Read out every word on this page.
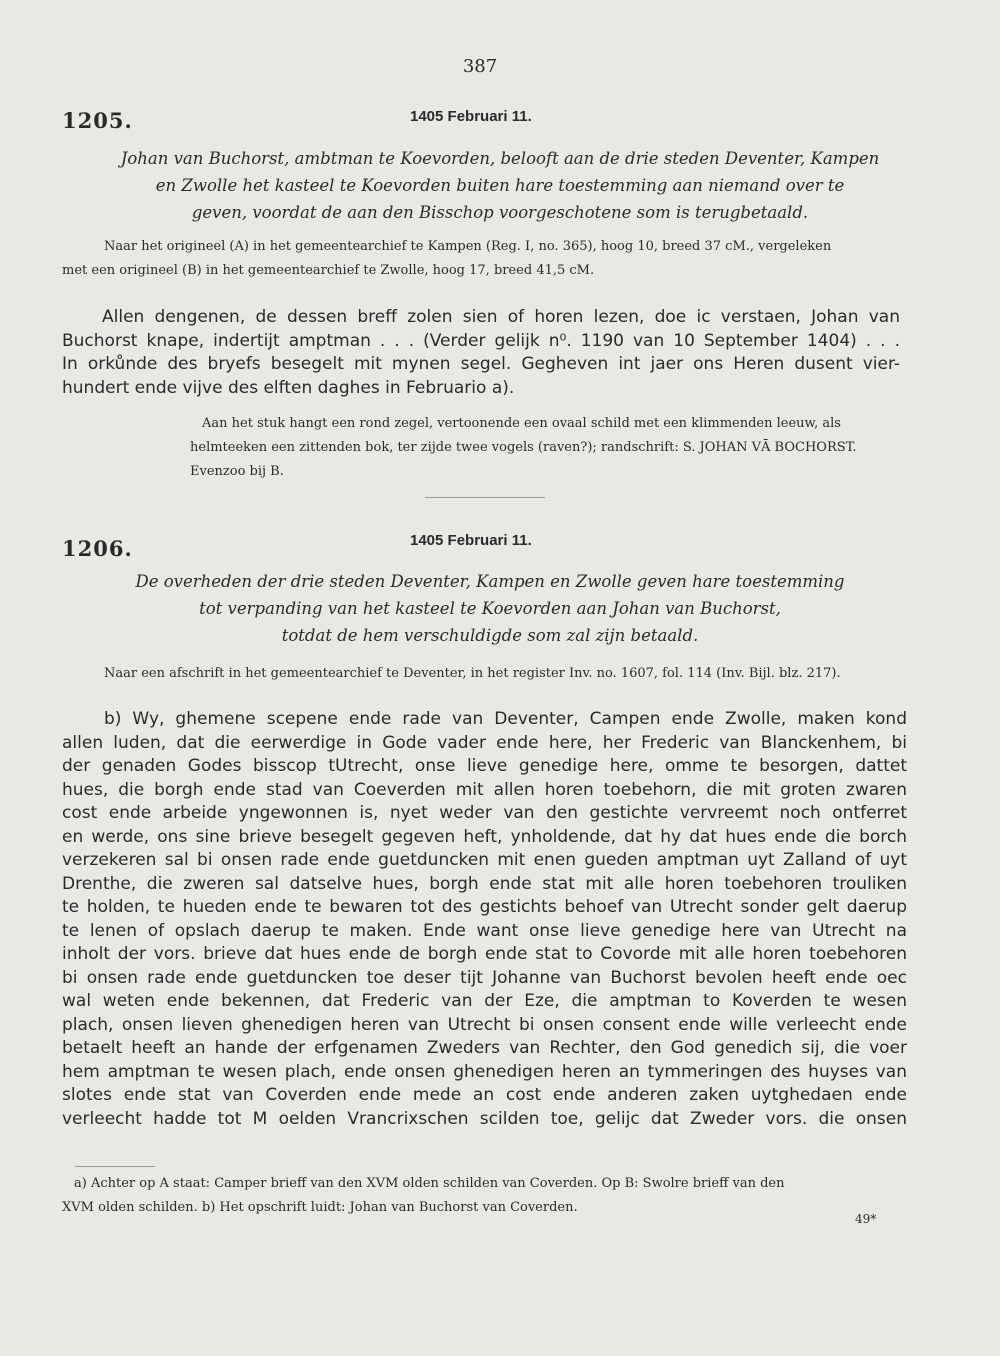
387
1205.	1405 Februari 11.
Johan van Buchorst, ambtman te Koevorden, belooft aan de drie steden Deventer, Kampen
en Zwolle het kasteel te Koevorden buiten hare toestemming aan niemand over te
geven, voordat de aan den Bisschop voorgeschotene som is terugbetaald.
Naar het origineel (A) in het gemeentearchief te Kampen (Reg. I, no. 365), hoog 10, breed 37 cM., vergeleken
met een origineel (B) in het gemeentearchief te Zwolle, hoog 17, breed 41,5 cM.
Allen dengenen, de dessen breff zolen sien of horen lezen, doe ic verstaen, Johan van
Buchorst knape, indertijt amptman . . . (Verder gelijk n⁰. 1190 van 10 September 1404) . . .
In orkůnde des bryefs besegelt mit mynen segel. Gegheven int jaer ons Heren dusent vier-
hundert ende vijve des elften daghes in Februario a).
Aan het stuk hangt een rond zegel, vertoonende een ovaal schild met een klimmenden leeuw, als
helmteeken een zittenden bok, ter zijde twee vogels (raven?); randschrift: S. JOHAN VĀ BOCHORST.
Evenzoo bij B.
1206.	1405 Februari 11.
De overheden der drie steden Deventer, Kampen en Zwolle geven hare toestemming
tot verpanding van het kasteel te Koevorden aan Johan van Buchorst,
totdat de hem verschuldigde som zal zijn betaald.
Naar een afschrift in het gemeentearchief te Deventer, in het register Inv. no. 1607, fol. 114 (Inv. Bijl. blz. 217).
b) Wy, ghemene scepene ende rade van Deventer, Campen ende Zwolle, maken kond
allen luden, dat die eerwerdige in Gode vader ende here, her Frederic van Blanckenhem, bi
der genaden Godes bisscop tUtrecht, onse lieve genedige here, omme te besorgen, dattet
hues, die borgh ende stad van Coeverden mit allen horen toebehorn, die mit groten zwaren
cost ende arbeide yngewonnen is, nyet weder van den gestichte vervreemt noch ontferret
en werde, ons sine brieve besegelt gegeven heft, ynholdende, dat hy dat hues ende die borch
verzekeren sal bi onsen rade ende guetduncken mit enen gueden amptman uyt Zalland of uyt
Drenthe, die zweren sal datselve hues, borgh ende stat mit alle horen toebehoren trouliken
te holden, te hueden ende te bewaren tot des gestichts behoef van Utrecht sonder gelt daerup
te lenen of opslach daerup te maken. Ende want onse lieve genedige here van Utrecht na
inholt der vors. brieve dat hues ende de borgh ende stat to Covorde mit alle horen toebehoren
bi onsen rade ende guetduncken toe deser tijt Johanne van Buchorst bevolen heeft ende oec
wal weten ende bekennen, dat Frederic van der Eze, die amptman to Koverden te wesen
plach, onsen lieven ghenedigen heren van Utrecht bi onsen consent ende wille verleecht ende
betaelt heeft an hande der erfgenamen Zweders van Rechter, den God genedich sij, die voer
hem amptman te wesen plach, ende onsen ghenedigen heren an tymmeringen des huyses van
slotes ende stat van Coverden ende mede an cost ende anderen zaken uytghedaen ende
verleecht hadde tot M oelden Vrancrixschen scilden toe, gelijc dat Zweder vors. die onsen
a) Achter op A staat: Camper brieff van den XVM olden schilden van Coverden. Op B: Swolre brieff van den
XVM olden schilden. b) Het opschrift luidt: Johan van Buchorst van Coverden.
49*
